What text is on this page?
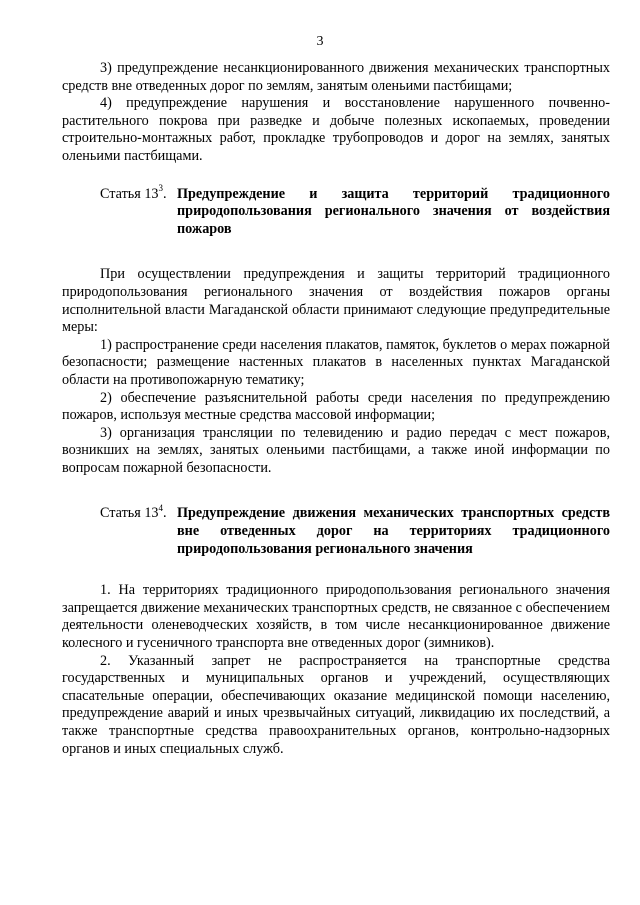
3

3) предупреждение несанкционированного движения механических транспортных средств вне отведенных дорог по землям, занятым оленьими пастбищами;

4) предупреждение нарушения и восстановление нарушенного почвенно-растительного покрова при разведке и добыче полезных ископаемых, проведении строительно-монтажных работ, прокладке трубопроводов и дорог на землях, занятых оленьими пастбищами.

Статья $13^3$. Предупреждение и защита территорий традиционного природопользования регионального значения от воздействия пожаров

При осуществлении предупреждения и защиты территорий традиционного природопользования регионального значения от воздействия пожаров органы исполнительной власти Магаданской области принимают следующие предупредительные меры:

1) распространение среди населения плакатов, памяток, буклетов о мерах пожарной безопасности; размещение настенных плакатов в населенных пунктах Магаданской области на противопожарную тематику;

2) обеспечение разъяснительной работы среди населения по предупреждению пожаров, используя местные средства массовой информации;

3) организация трансляции по телевидению и радио передач с мест пожаров, возникших на землях, занятых оленьими пастбищами, а также иной информации по вопросам пожарной безопасности.

Статья $13^4$. Предупреждение движения механических транспортных средств вне отведенных дорог на территориях традиционного природопользования регионального значения

1. На территориях традиционного природопользования регионального значения запрещается движение механических транспортных средств, не связанное с обеспечением деятельности оленеводческих хозяйств, в том числе несанкционированное движение колесного и гусеничного транспорта вне отведенных дорог (зимников).

2. Указанный запрет не распространяется на транспортные средства государственных и муниципальных органов и учреждений, осуществляющих спасательные операции, обеспечивающих оказание медицинской помощи населению, предупреждение аварий и иных чрезвычайных ситуаций, ликвидацию их последствий, а также транспортные средства правоохранительных органов, контрольно-надзорных органов и иных специальных служб.
